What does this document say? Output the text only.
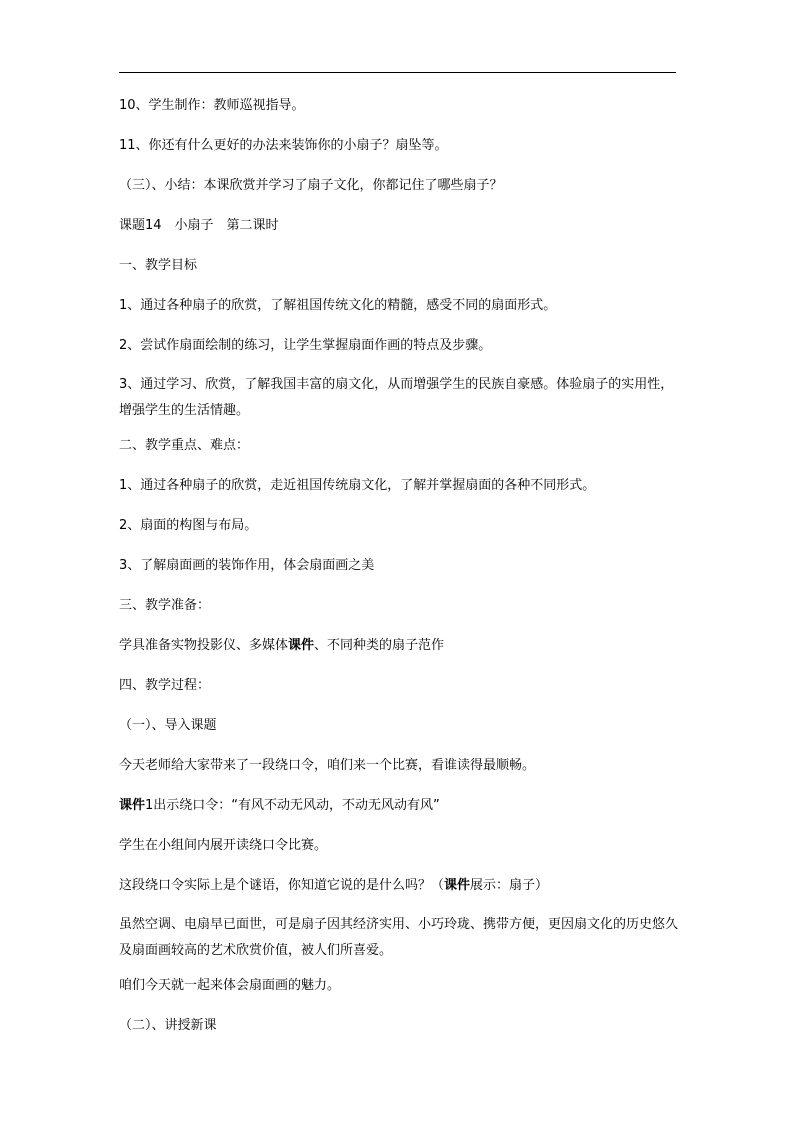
10、学生制作：教师巡视指导。
11、你还有什么更好的办法来装饰你的小扇子？扇坠等。
（三）、小结：本课欣赏并学习了扇子文化，你都记住了哪些扇子？
课题14　小扇子　第二课时
一、教学目标
1、通过各种扇子的欣赏，了解祖国传统文化的精髓，感受不同的扇面形式。
2、尝试作扇面绘制的练习，让学生掌握扇面作画的特点及步骤。
3、通过学习、欣赏，了解我国丰富的扇文化，从而增强学生的民族自豪感。体验扇子的实用性，增强学生的生活情趣。
二、教学重点、难点：
1、通过各种扇子的欣赏，走近祖国传统扇文化，了解并掌握扇面的各种不同形式。
2、扇面的构图与布局。
3、了解扇面画的装饰作用，体会扇面画之美
三、教学准备：
学具准备实物投影仪、多媒体课件、不同种类的扇子范作
四、教学过程：
（一）、导入课题
今天老师给大家带来了一段绕口令，咱们来一个比赛，看谁读得最顺畅。
课件1出示绕口令：“有风不动无风动，不动无风动有风”
学生在小组间内展开读绕口令比赛。
这段绕口令实际上是个谜语，你知道它说的是什么吗？（课件展示：扇子）
虽然空调、电扇早已面世，可是扇子因其经济实用、小巧玲珑、携带方便，更因扇文化的历史悠久及扇面画较高的艺术欣赏价值，被人们所喜爱。
咱们今天就一起来体会扇面画的魅力。
（二）、讲授新课
